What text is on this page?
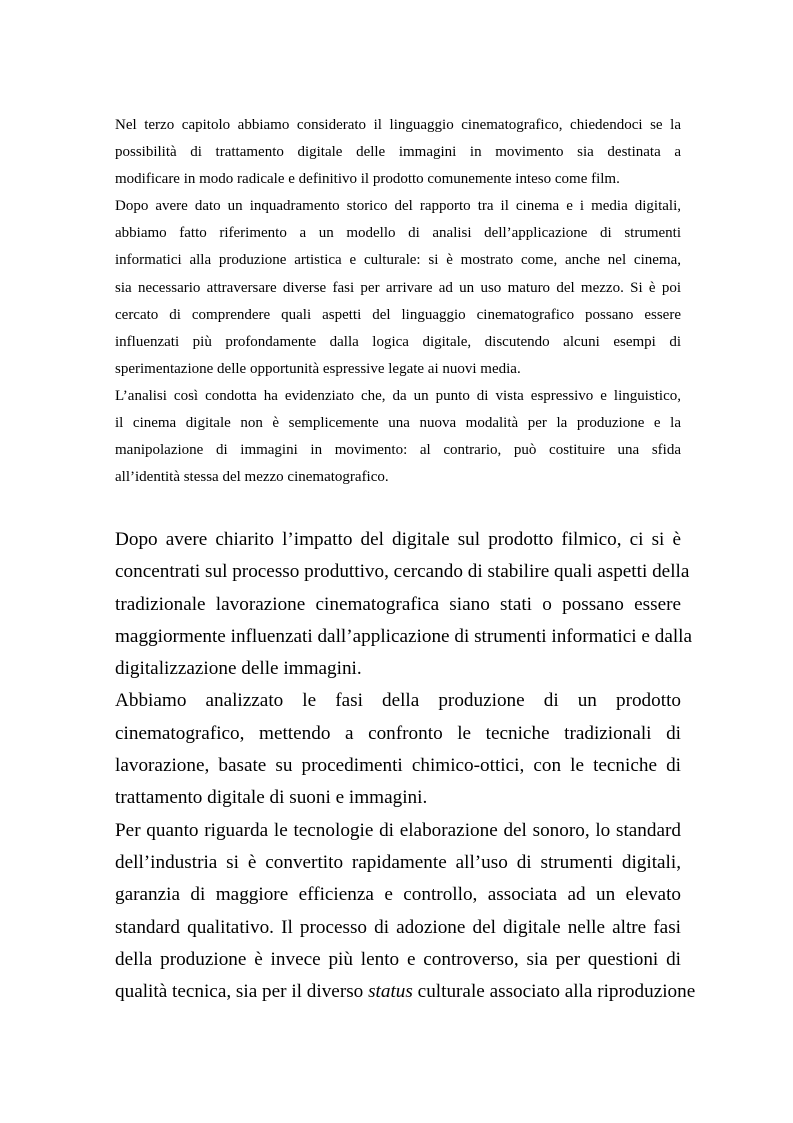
Nel terzo capitolo abbiamo considerato il linguaggio cinematografico, chiedendoci se la
possibilità di trattamento digitale delle immagini in movimento sia destinata a
modificare in modo radicale e definitivo il prodotto comunemente inteso come film.

Dopo avere dato un inquadramento storico del rapporto tra il cinema e i media digitali,
abbiamo fatto riferimento a un modello di analisi dell’applicazione di strumenti
informatici alla produzione artistica e culturale: si è mostrato come, anche nel cinema,
sia necessario attraversare diverse fasi per arrivare ad un uso maturo del mezzo. Si è poi
cercato di comprendere quali aspetti del linguaggio cinematografico possano essere
influenzati più profondamente dalla logica digitale, discutendo alcuni esempi di
sperimentazione delle opportunità espressive legate ai nuovi media.

L’analisi così condotta ha evidenziato che, da un punto di vista espressivo e linguistico,
il cinema digitale non è semplicemente una nuova modalità per la produzione e la
manipolazione di immagini in movimento: al contrario, può costituire una sfida
all’identità stessa del mezzo cinematografico.

Dopo avere chiarito l’impatto del digitale sul prodotto filmico, ci si è
concentrati sul processo produttivo, cercando di stabilire quali aspetti della
tradizionale lavorazione cinematografica siano stati o possano essere
maggiormente influenzati dall’applicazione di strumenti informatici e dalla
digitalizzazione delle immagini.

Abbiamo analizzato le fasi della produzione di un prodotto
cinematografico, mettendo a confronto le tecniche tradizionali di
lavorazione, basate su procedimenti chimico-ottici, con le tecniche di
trattamento digitale di suoni e immagini.

Per quanto riguarda le tecnologie di elaborazione del sonoro, lo standard
dell’industria si è convertito rapidamente all’uso di strumenti digitali,
garanzia di maggiore efficienza e controllo, associata ad un elevato
standard qualitativo. Il processo di adozione del digitale nelle altre fasi
della produzione è invece più lento e controverso, sia per questioni di
qualità tecnica, sia per il diverso status culturale associato alla riproduzione
